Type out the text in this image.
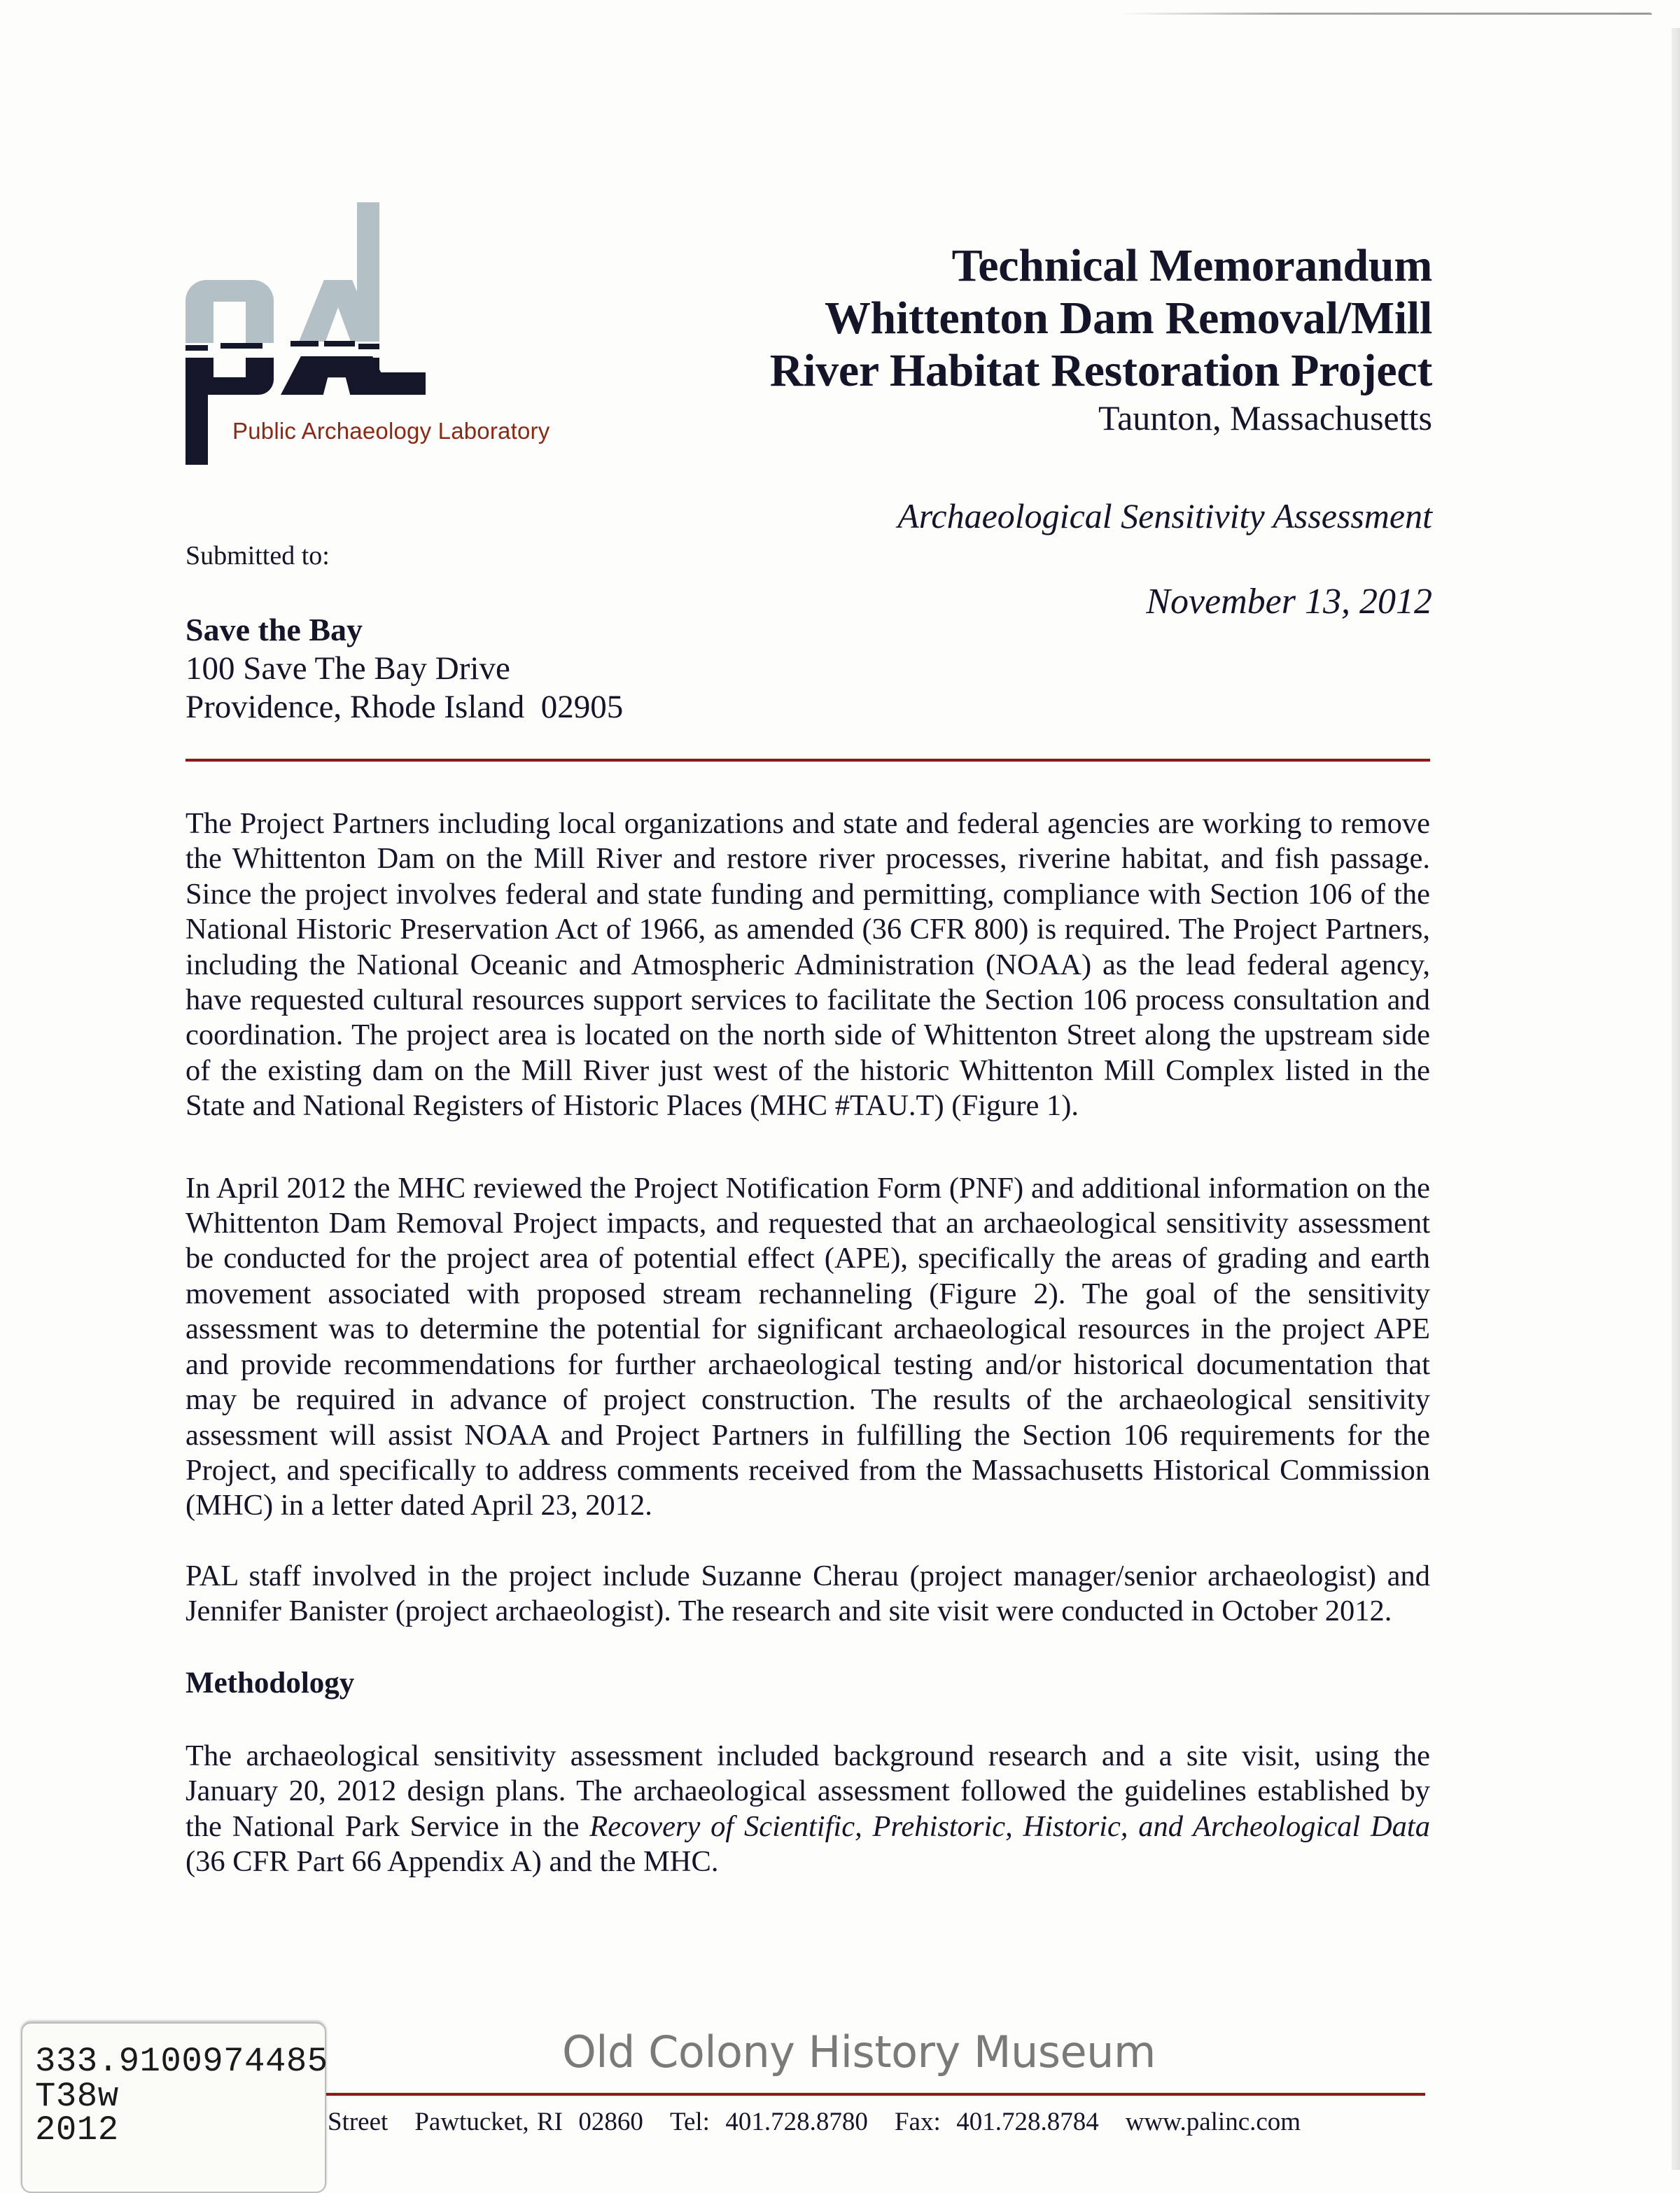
Public Archaeology Laboratory

Technical Memorandum

Whittenton Dam Removal/Mill

River Habitat Restoration Project

Taunton, Massachusetts

Archaeological Sensitivity Assessment
November 13, 2012
Submitted to:
Save the Bay
100 Save The Bay Drive
Providence, Rhode Island  02905

The Project Partners including local organizations and state and federal agencies are working to remove the Whittenton Dam on the Mill River and restore river processes, riverine habitat, and fish passage. Since the project involves federal and state funding and permitting, compliance with Section 106 of the National Historic Preservation Act of 1966, as amended (36 CFR 800) is required. The Project Partners, including the National Oceanic and Atmospheric Administration (NOAA) as the lead federal agency, have requested cultural resources support services to facilitate the Section 106 process consultation and coordination. The project area is located on the north side of Whittenton Street along the upstream side of the existing dam on the Mill River just west of the historic Whittenton Mill Complex listed in the State and National Registers of Historic Places (MHC #TAU.T) (Figure 1).

In April 2012 the MHC reviewed the Project Notification Form (PNF) and additional information on the Whittenton Dam Removal Project impacts, and requested that an archaeological sensitivity assessment be conducted for the project area of potential effect (APE), specifically the areas of grading and earth movement associated with proposed stream rechanneling (Figure 2). The goal of the sensitivity assessment was to determine the potential for significant archaeological resources in the project APE and provide recommendations for further archaeological testing and/or historical documentation that may be required in advance of project construction. The results of the archaeological sensitivity assessment will assist NOAA and Project Partners in fulfilling the Section 106 requirements for the Project, and specifically to address comments received from the Massachusetts Historical Commission (MHC) in a letter dated April 23, 2012.

PAL staff involved in the project include Suzanne Cherau (project manager/senior archaeologist) and Jennifer Banister (project archaeologist). The research and site visit were conducted in October 2012.

Methodology

The archaeological sensitivity assessment included background research and a site visit, using the January 20, 2012 design plans. The archaeological assessment followed the guidelines established by the National Park Service in the Recovery of Scientific, Prehistoric, Historic, and Archeological Data (36 CFR Part 66 Appendix A) and the MHC.

Old Colony History Museum
Street Pawtucket, RI  02860 Tel:  401.728.8780 Fax:  401.728.8784 www.palinc.com
333.9100974485
T38w
2012
